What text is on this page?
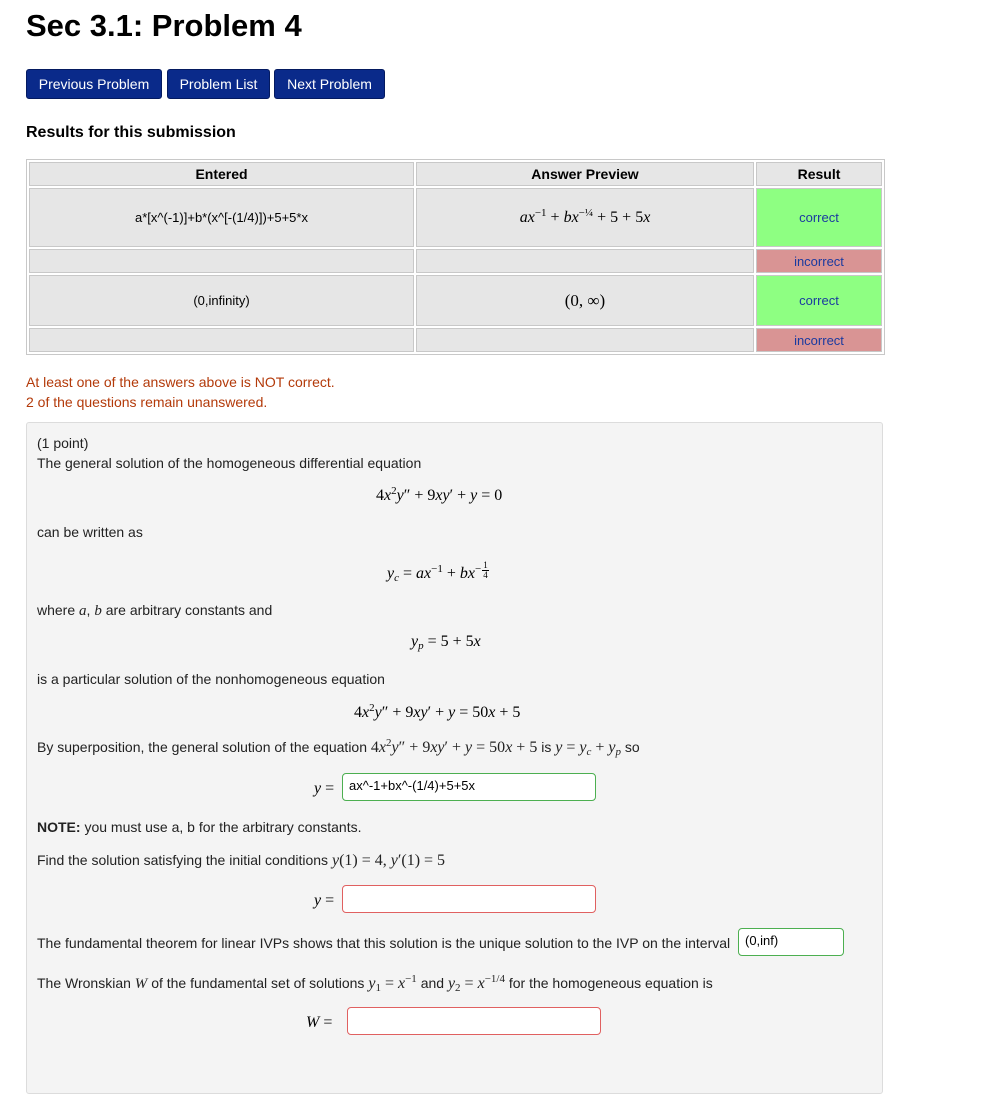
Sec 3.1: Problem 4
Previous Problem	Problem List	Next Problem
Results for this submission
Entered	Answer Preview	Result
a*[x^(-1)]+b*(x^[-(1/4)])+5+5*x	$ax^{-1} + bx^{-\frac{1}{4}} + 5 + 5x$	correct
		incorrect
(0,infinity)	(0, ∞)	correct
		incorrect
At least one of the answers above is NOT correct.
2 of the questions remain unanswered.
(1 point)
The general solution of the homogeneous differential equation
$4x^2y'' + 9xy' + y = 0$
can be written as
$y_c = ax^{-1} + bx^- \frac{1}{4}$
where a, b are arbitrary constants and
$y_p = 5 + 5x$
is a particular solution of the nonhomogeneous equation
$4x^2y'' + 9xy' + y = 50x + 5$
By superposition, the general solution of the equation $4x^2y'' + 9xy' + y = 50x + 5$ is $y = y_c + y_p$ so
y =	ax^-1+bx^-(1/4)+5+5x
NOTE: you must use a, b for the arbitrary constants.
Find the solution satisfying the initial conditions y(1) = 4, y′(1) = 5
y =
The fundamental theorem for linear IVPs shows that this solution is the unique solution to the IVP on the interval	(0,inf)
The Wronskian W of the fundamental set of solutions $y_1 = x^{-1}$ and $y_2 = x^{-1/4}$ for the homogeneous equation is
W =
